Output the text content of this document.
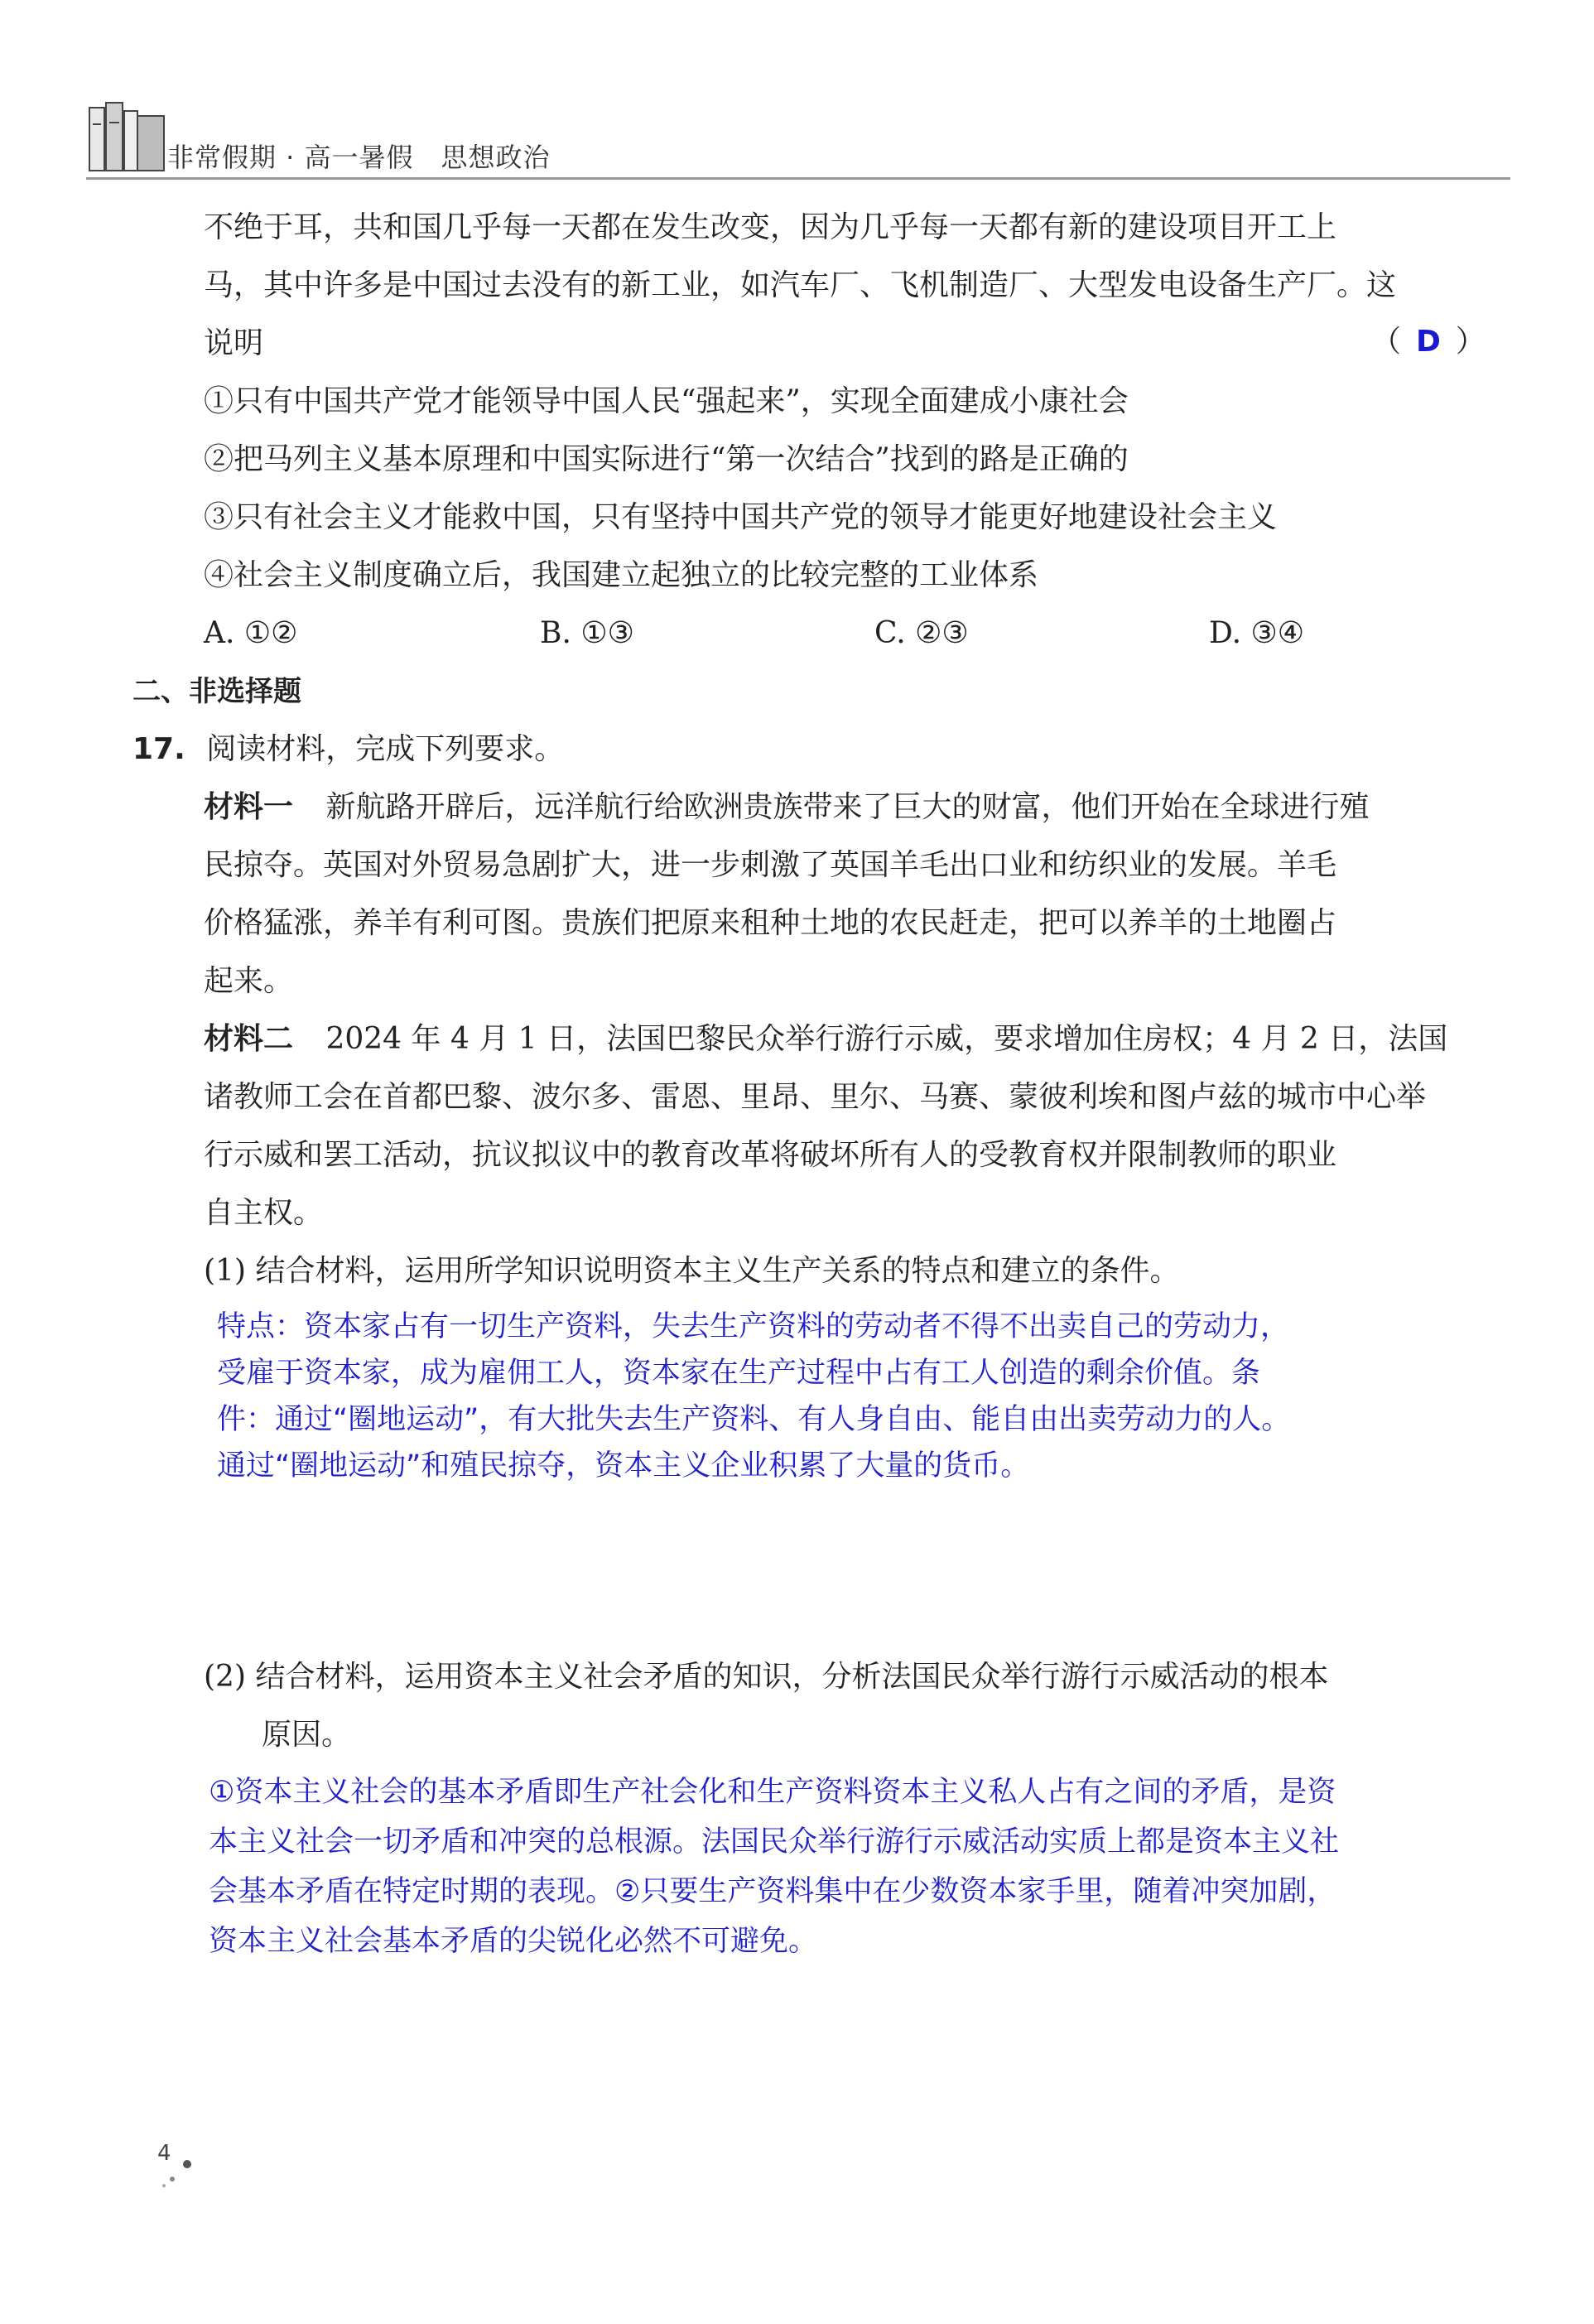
非常假期 · 高一暑假　思想政治
不绝于耳，共和国几乎每一天都在发生改变，因为几乎每一天都有新的建设项目开工上
马，其中许多是中国过去没有的新工业，如汽车厂、飞机制造厂、大型发电设备生产厂。这
说明	（ D ）
①只有中国共产党才能领导中国人民“强起来”，实现全面建成小康社会
②把马列主义基本原理和中国实际进行“第一次结合”找到的路是正确的
③只有社会主义才能救中国，只有坚持中国共产党的领导才能更好地建设社会主义
④社会主义制度确立后，我国建立起独立的比较完整的工业体系
A. ①②	B. ①③	C. ②③	D. ③④
二、非选择题
17. 阅读材料，完成下列要求。
材料一 新航路开辟后，远洋航行给欧洲贵族带来了巨大的财富，他们开始在全球进行殖
民掠夺。英国对外贸易急剧扩大，进一步刺激了英国羊毛出口业和纺织业的发展。羊毛
价格猛涨，养羊有利可图。贵族们把原来租种土地的农民赶走，把可以养羊的土地圈占
起来。
材料二 2024 年 4 月 1 日，法国巴黎民众举行游行示威，要求增加住房权；4 月 2 日，法国
诸教师工会在首都巴黎、波尔多、雷恩、里昂、里尔、马赛、蒙彼利埃和图卢兹的城市中心举
行示威和罢工活动，抗议拟议中的教育改革将破坏所有人的受教育权并限制教师的职业
自主权。
(1) 结合材料，运用所学知识说明资本主义生产关系的特点和建立的条件。
特点：资本家占有一切生产资料，失去生产资料的劳动者不得不出卖自己的劳动力，
受雇于资本家，成为雇佣工人，资本家在生产过程中占有工人创造的剩余价值。条
件：通过“圈地运动”，有大批失去生产资料、有人身自由、能自由出卖劳动力的人。
通过“圈地运动”和殖民掠夺，资本主义企业积累了大量的货币。
(2) 结合材料，运用资本主义社会矛盾的知识，分析法国民众举行游行示威活动的根本
原因。
①资本主义社会的基本矛盾即生产社会化和生产资料资本主义私人占有之间的矛盾，是资
本主义社会一切矛盾和冲突的总根源。法国民众举行游行示威活动实质上都是资本主义社
会基本矛盾在特定时期的表现。②只要生产资料集中在少数资本家手里，随着冲突加剧，
资本主义社会基本矛盾的尖锐化必然不可避免。
4
